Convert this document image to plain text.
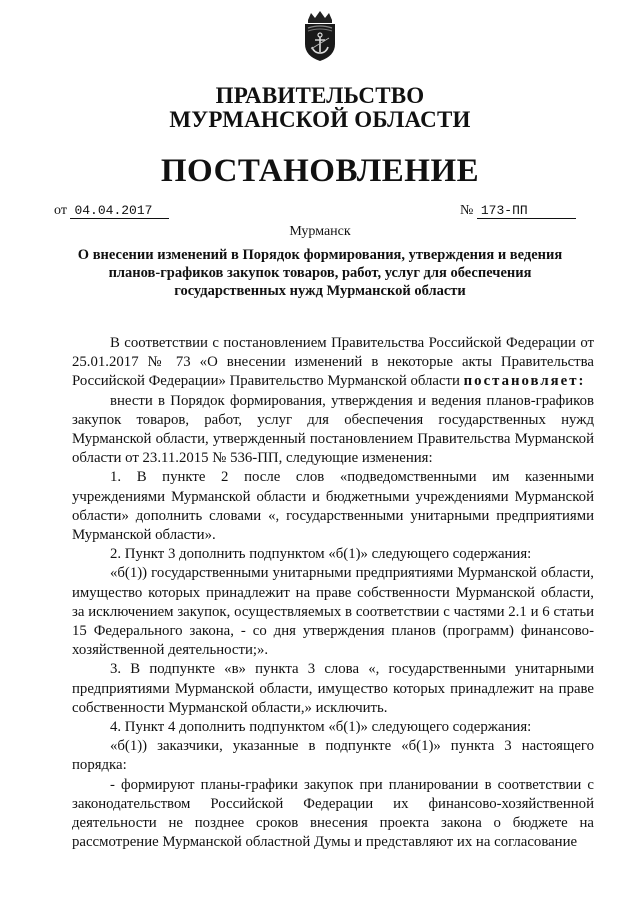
ПРАВИТЕЛЬСТВО
МУРМАНСКОЙ ОБЛАСТИ
ПОСТАНОВЛЕНИЕ
от 04.04.2017	№ 173-ПП
Мурманск
О внесении изменений в Порядок формирования, утверждения и ведения планов-графиков закупок товаров, работ, услуг для обеспечения государственных нужд Мурманской области

В соответствии с постановлением Правительства Российской Федерации от 25.01.2017 № 73 «О внесении изменений в некоторые акты Правительства Российской Федерации» Правительство Мурманской области постановляет:

внести в Порядок формирования, утверждения и ведения планов-графиков закупок товаров, работ, услуг для обеспечения государственных нужд Мурманской области, утвержденный постановлением Правительства Мурманской области от 23.11.2015 № 536-ПП, следующие изменения:

1. В пункте 2 после слов «подведомственными им казенными учреждениями Мурманской области и бюджетными учреждениями Мурманской области» дополнить словами «, государственными унитарными предприятиями Мурманской области».

2. Пункт 3 дополнить подпунктом «б(1)» следующего содержания:

«б(1)) государственными унитарными предприятиями Мурманской области, имущество которых принадлежит на праве собственности Мурманской области, за исключением закупок, осуществляемых в соответствии с частями 2.1 и 6 статьи 15 Федерального закона, - со дня утверждения планов (программ) финансово-хозяйственной деятельности;».

3. В подпункте «в» пункта 3 слова «, государственными унитарными предприятиями Мурманской области, имущество которых принадлежит на праве собственности Мурманской области,» исключить.

4. Пункт 4 дополнить подпунктом «б(1)» следующего содержания:

«б(1)) заказчики, указанные в подпункте «б(1)» пункта 3 настоящего порядка:

- формируют планы-графики закупок при планировании в соответствии с законодательством Российской Федерации их финансово-хозяйственной деятельности не позднее сроков внесения проекта закона о бюджете на рассмотрение Мурманской областной Думы и представляют их на согласование
